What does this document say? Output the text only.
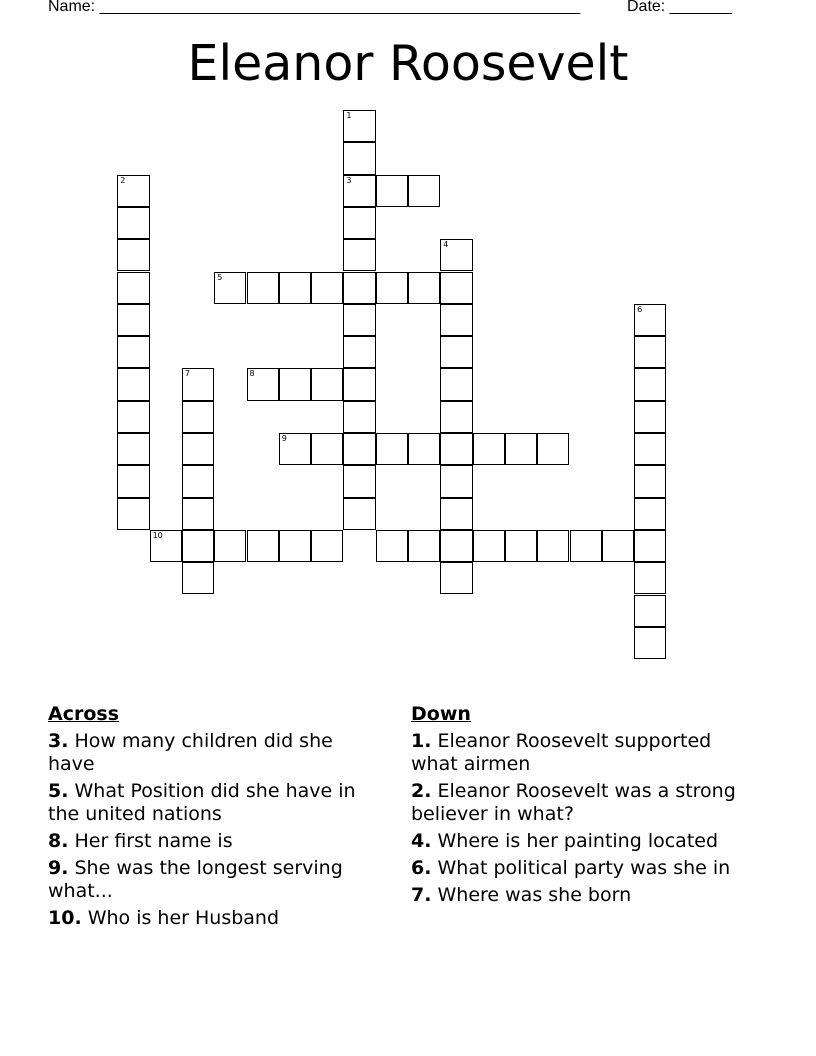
Name: ______________________________________________________	Date: _______
Eleanor Roosevelt
1
3
2
4
5
6
7	8
9
10
Across
3. How many children did she have
5. What Position did she have in the united nations
8. Her first name is
9. She was the longest serving what...
10. Who is her Husband
Down
1. Eleanor Roosevelt supported what airmen
2. Eleanor Roosevelt was a strong believer in what?
4. Where is her painting located
6. What political party was she in
7. Where was she born
